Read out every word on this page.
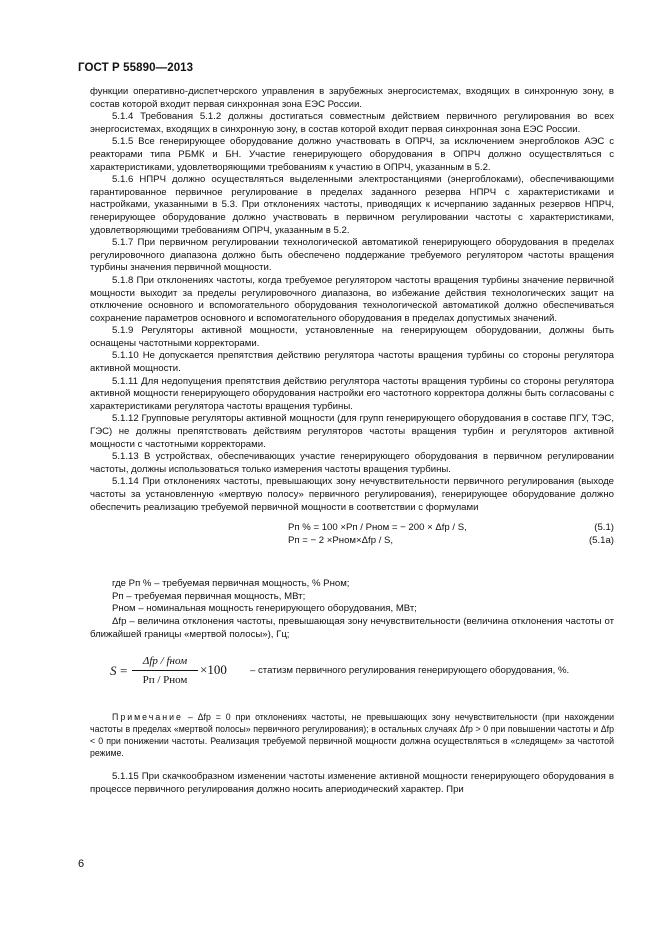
ГОСТ Р 55890—2013

функции оперативно-диспетчерского управления в зарубежных энергосистемах, входящих в синхронную зону, в состав которой входит первая синхронная зона ЕЭС России.

5.1.4 Требования 5.1.2 должны достигаться совместным действием первичного регулирования во всех энергосистемах, входящих в синхронную зону, в состав которой входит первая синхронная зона ЕЭС России.

5.1.5 Все генерирующее оборудование должно участвовать в ОПРЧ, за исключением энергоблоков АЭС с реакторами типа РБМК и БН. Участие генерирующего оборудования в ОПРЧ должно осуществляться с характеристиками, удовлетворяющими требованиям к участию в ОПРЧ, указанным в 5.2.

5.1.6 НПРЧ должно осуществляться выделенными электростанциями (энергоблоками), обеспечивающими гарантированное первичное регулирование в пределах заданного резерва НПРЧ с характеристиками и настройками, указанными в 5.3. При отклонениях частоты, приводящих к исчерпанию заданных резервов НПРЧ, генерирующее оборудование должно участвовать в первичном регулировании частоты с характеристиками, удовлетворяющими требованиям ОПРЧ, указанным в 5.2.

5.1.7 При первичном регулировании технологической автоматикой генерирующего оборудования в пределах регулировочного диапазона должно быть обеспечено поддержание требуемого регулятором частоты вращения турбины значения первичной мощности.

5.1.8 При отклонениях частоты, когда требуемое регулятором частоты вращения турбины значение первичной мощности выходит за пределы регулировочного диапазона, во избежание действия технологических защит на отключение основного и вспомогательного оборудования технологической автоматикой должно обеспечиваться сохранение параметров основного и вспомогательного оборудования в пределах допустимых значений.

5.1.9 Регуляторы активной мощности, установленные на генерирующем оборудовании, должны быть оснащены частотными корректорами.

5.1.10 Не допускается препятствия действию регулятора частоты вращения турбины со стороны регулятора активной мощности.

5.1.11 Для недопущения препятствия действию регулятора частоты вращения турбины со стороны регулятора активной мощности генерирующего оборудования настройки его частотного корректора должны быть согласованы с характеристиками регулятора частоты вращения турбины.

5.1.12 Групповые регуляторы активной мощности (для групп генерирующего оборудования в составе ПГУ, ТЭС, ГЭС) не должны препятствовать действиям регуляторов частоты вращения турбин и регуляторов активной мощности с частотными корректорами.

5.1.13 В устройствах, обеспечивающих участие генерирующего оборудования в первичном регулировании частоты, должны использоваться только измерения частоты вращения турбины.

5.1.14 При отклонениях частоты, превышающих зону нечувствительности первичного регулирования (выходе частоты за установленную «мертвую полосу» первичного регулирования), генерирующее оборудование должно обеспечить реализацию требуемой первичной мощности в соответствии с формулами

Рп % = 100 ×Рп / Рном = − 200 × Δfр / S,	(5.1)
Рп = − 2 ×Рном×Δfр / S,	(5.1а)

где Рп % – требуемая первичная мощность, % Рном;

Рп – требуемая первичная мощность, МВт;

Рном – номинальная мощность генерирующего оборудования, МВт;

Δfр – величина отклонения частоты, превышающая зону нечувствительности (величина отклонения частоты от ближайшей границы «мертвой полосы»), Гц;

S =
Δfp / fном
Рп / Рном
×100 – статизм первичного регулирования генерирующего оборудования, %.

Примечание – Δfр = 0 при отклонениях частоты, не превышающих зону нечувствительности (при нахождении частоты в пределах «мертвой полосы» первичного регулирования); в остальных случаях Δfр > 0 при повышении частоты и Δfр < 0 при понижении частоты. Реализация требуемой первичной мощности должна осуществляться в «следящем» за частотой режиме.

5.1.15 При скачкообразном изменении частоты изменение активной мощности генерирующего оборудования в процессе первичного регулирования должно носить апериодический характер. При

6
